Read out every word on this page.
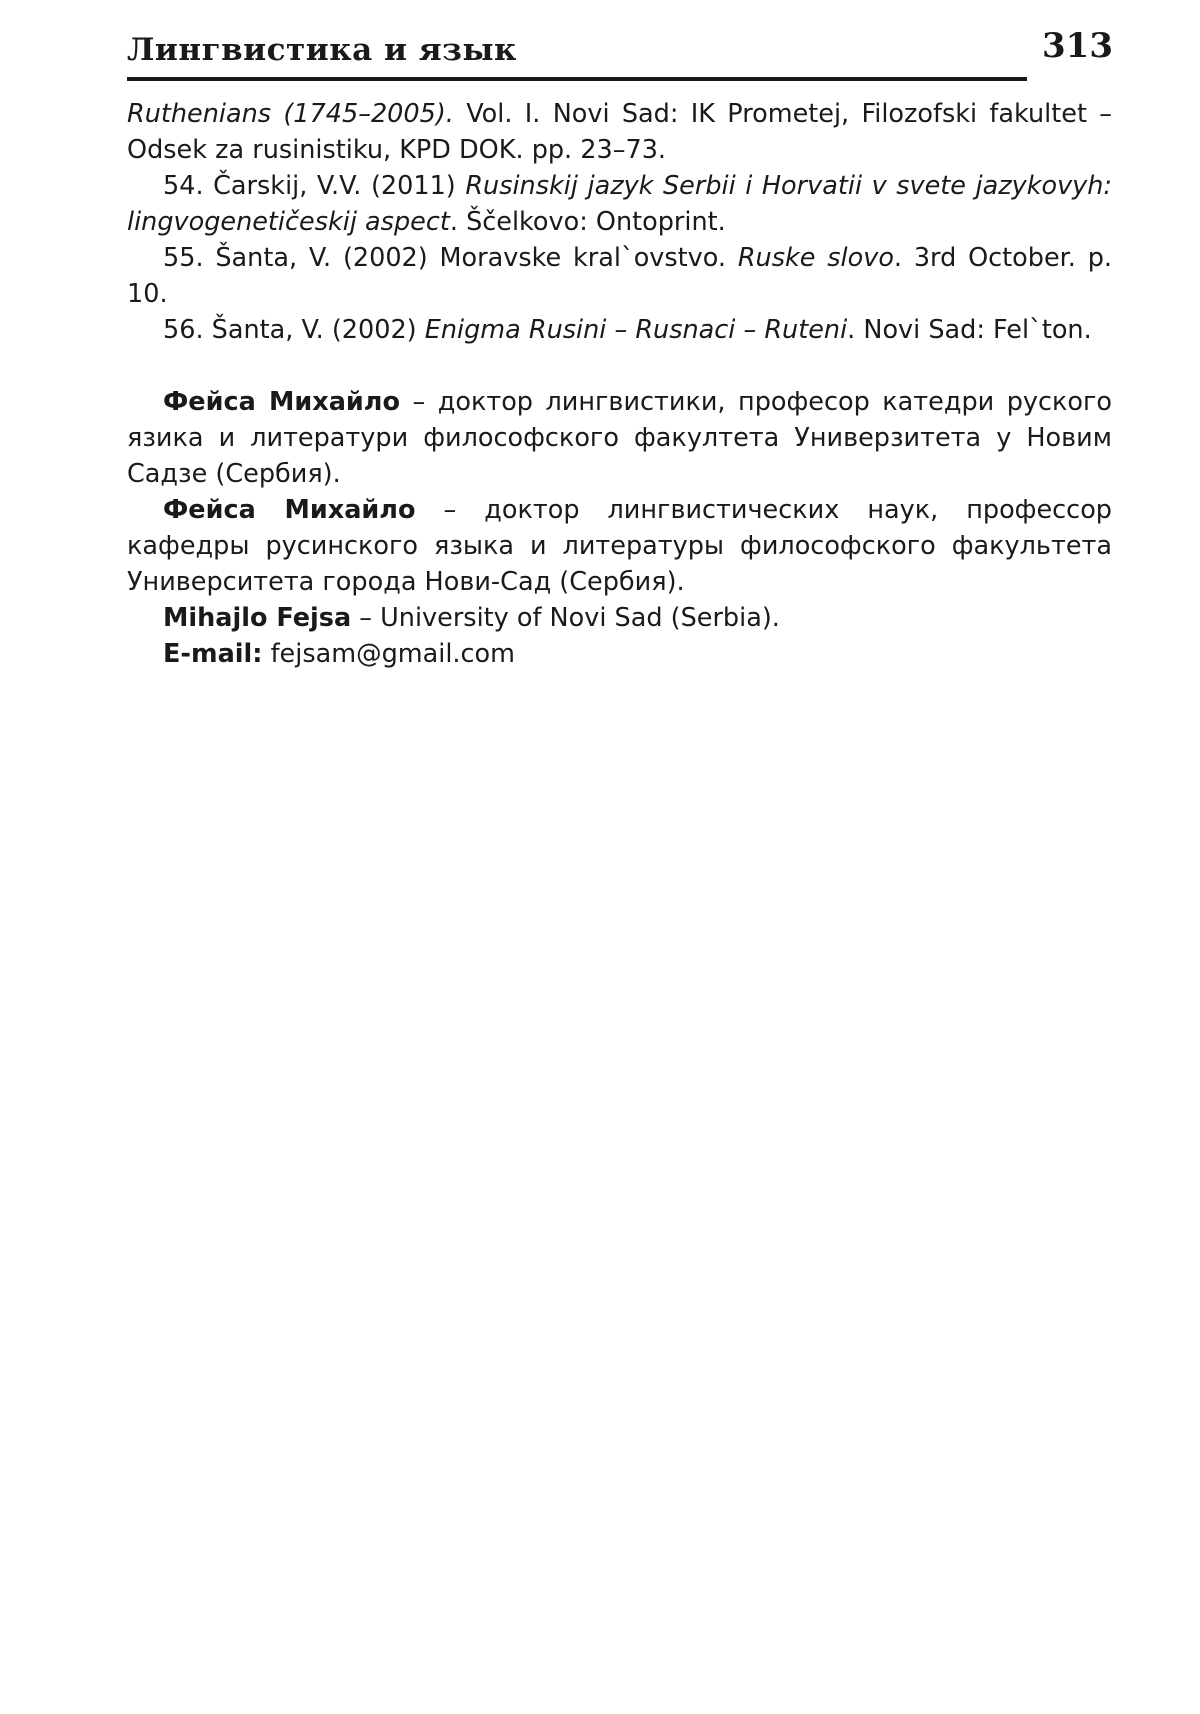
Лингвистика и язык	313

Ruthenians (1745–2005). Vol. I. Novi Sad: IK Prometej, Filozofski fakultet – Odsek za rusinistiku, KPD DOK. pp. 23–73.

54. Čarskij, V.V. (2011) Rusinskij jazyk Serbii i Horvatii v svete jazykovyh: lingvogenetičeskij aspect. Ščelkovo: Ontoprint.

55. Šanta, V. (2002) Moravske kral`ovstvo. Ruske slovo. 3rd October. p. 10.

56. Šanta, V. (2002) Enigma Rusini – Rusnaci – Ruteni. Novi Sad: Fel`ton.

Фейса Михайло – доктор лингвистики, професор катедри руского язика и литератури философского факултета Универзитета у Новим Садзе (Сербия).

Фейса Михайло – доктор лингвистических наук, профессор кафедры русинского языка и литературы философского факультета Университета города Нови-Сад (Сербия).

Mihajlo Fejsa – University of Novi Sad (Serbia).

E-mail: fejsam@gmail.com
